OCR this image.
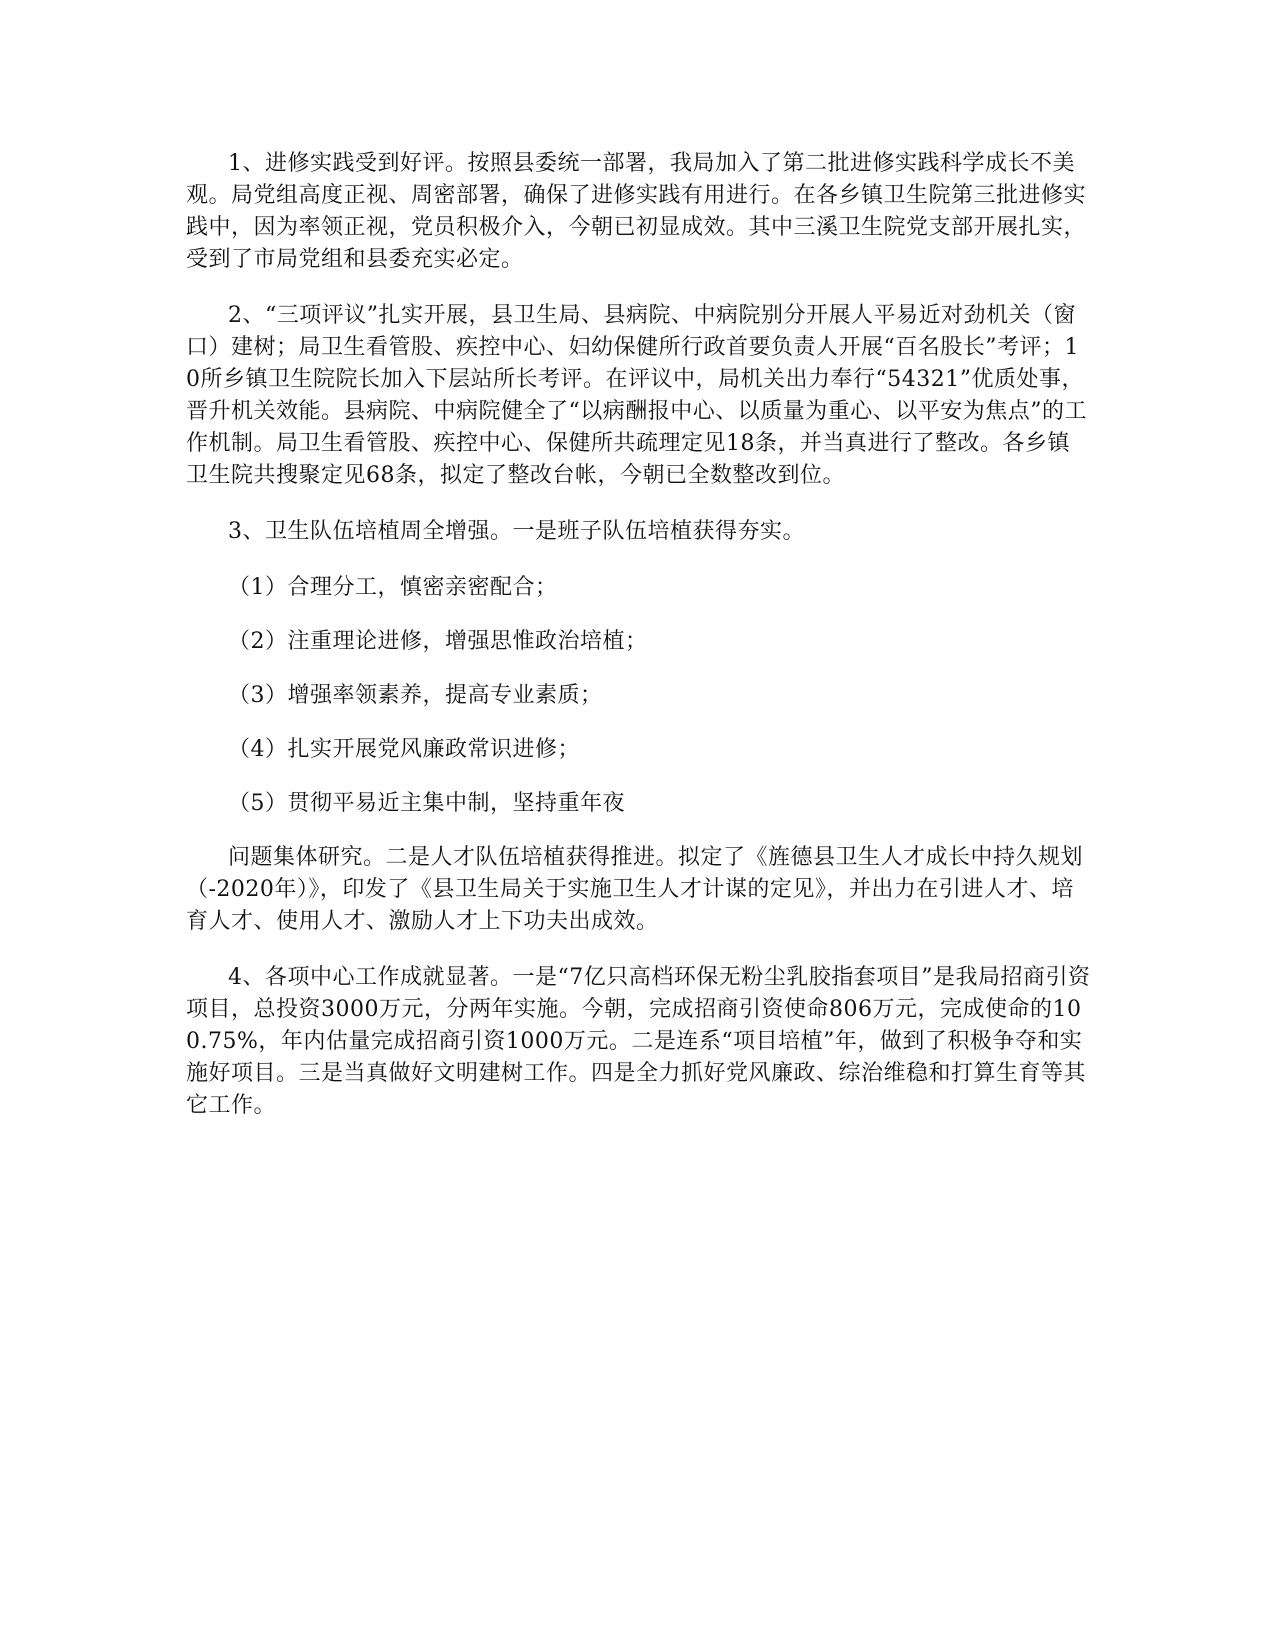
1、进修实践受到好评。按照县委统一部署，我局加入了第二批进修实践科学成长不美观。局党组高度正视、周密部署，确保了进修实践有用进行。在各乡镇卫生院第三批进修实践中，因为率领正视，党员积极介入，今朝已初显成效。其中三溪卫生院党支部开展扎实，受到了市局党组和县委充实必定。

2、“三项评议”扎实开展，县卫生局、县病院、中病院别分开展人平易近对劲机关（窗口）建树；局卫生看管股、疾控中心、妇幼保健所行政首要负责人开展“百名股长”考评；10所乡镇卫生院院长加入下层站所长考评。在评议中，局机关出力奉行“54321”优质处事，晋升机关效能。县病院、中病院健全了“以病酬报中心、以质量为重心、以平安为焦点”的工作机制。局卫生看管股、疾控中心、保健所共疏理定见18条，并当真进行了整改。各乡镇卫生院共搜聚定见68条，拟定了整改台帐，今朝已全数整改到位。

3、卫生队伍培植周全增强。一是班子队伍培植获得夯实。

（1）合理分工，慎密亲密配合；

（2）注重理论进修，增强思惟政治培植；

（3）增强率领素养，提高专业素质；

（4）扎实开展党风廉政常识进修；

（5）贯彻平易近主集中制，坚持重年夜

问题集体研究。二是人才队伍培植获得推进。拟定了《旌德县卫生人才成长中持久规划（-2020年）》，印发了《县卫生局关于实施卫生人才计谋的定见》，并出力在引进人才、培育人才、使用人才、激励人才上下功夫出成效。

4、各项中心工作成就显著。一是“7亿只高档环保无粉尘乳胶指套项目”是我局招商引资项目，总投资3000万元，分两年实施。今朝，完成招商引资使命806万元，完成使命的100.75%，年内估量完成招商引资1000万元。二是连系“项目培植”年，做到了积极争夺和实施好项目。三是当真做好文明建树工作。四是全力抓好党风廉政、综治维稳和打算生育等其它工作。
